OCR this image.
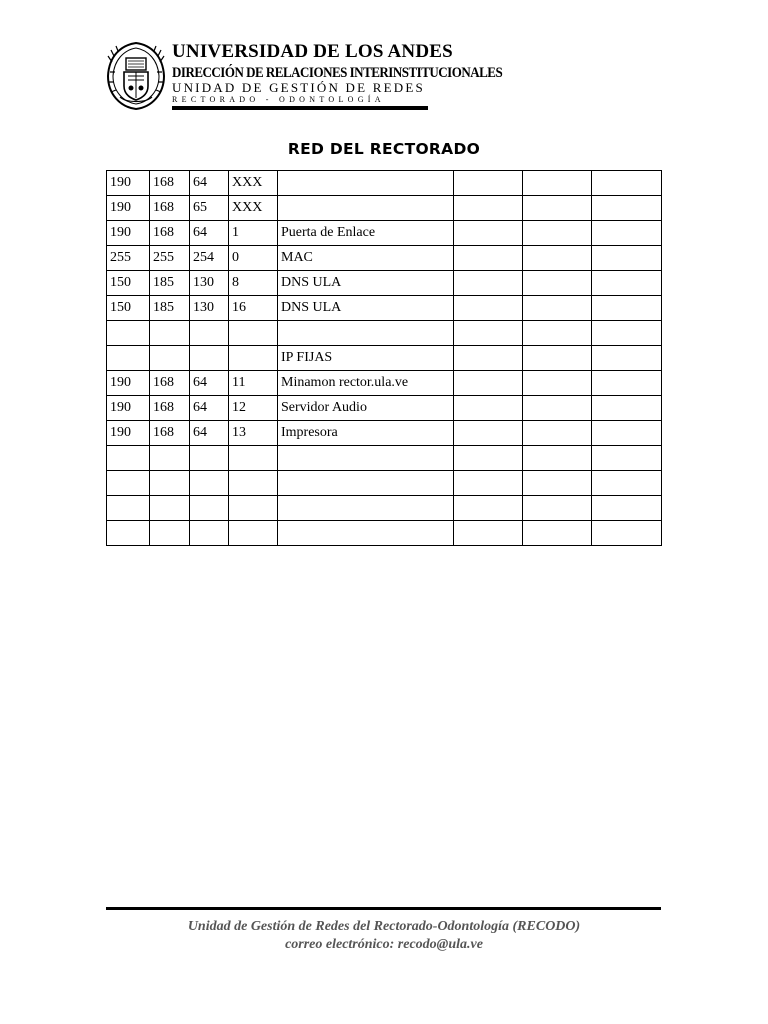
UNIVERSIDAD DE LOS ANDES
DIRECCIÓN DE RELACIONES INTERINSTITUCIONALES
UNIDAD DE GESTIÓN DE REDES
RECTORADO - ODONTOLOGÍA
RED DEL RECTORADO
190	168	64	XXX				
190	168	65	XXX				
190	168	64	1	Puerta de Enlace			
255	255	254	0	MAC			
150	185	130	8	DNS ULA			
150	185	130	16	DNS ULA			

				IP FIJAS			
190	168	64	11	Minamon rector.ula.ve			
190	168	64	12	Servidor Audio			
190	168	64	13	Impresora			

Unidad de Gestión de Redes del Rectorado-Odontología (RECODO)
correo electrónico: recodo@ula.ve
